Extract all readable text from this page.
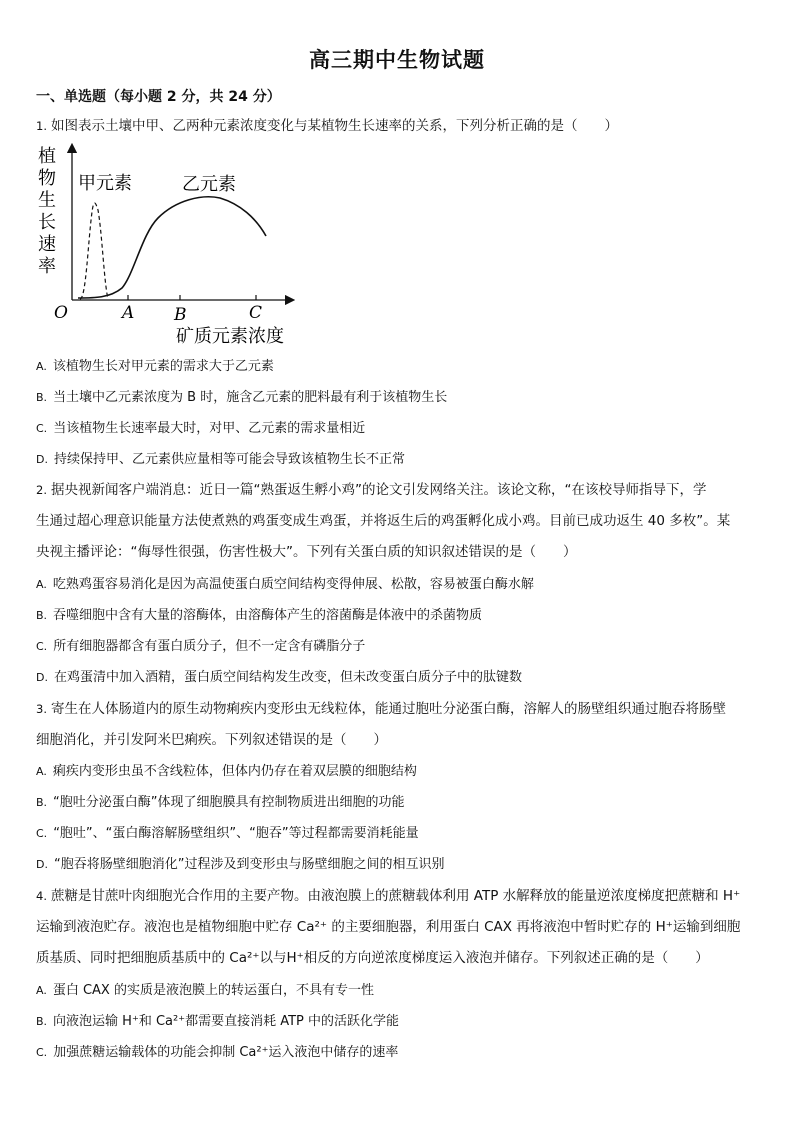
高三期中生物试题
一、单选题（每小题 2 分，共 24 分）
1. 如图表示土壤中甲、乙两种元素浓度变化与某植物生长速率的关系，下列分析正确的是（　　）
植
物
生
长
速
率
甲元素	乙元素
O	A B	C
矿质元素浓度
A. 该植物生长对甲元素的需求大于乙元素
B. 当土壤中乙元素浓度为 B 时，施含乙元素的肥料最有利于该植物生长
C. 当该植物生长速率最大时，对甲、乙元素的需求量相近
D. 持续保持甲、乙元素供应量相等可能会导致该植物生长不正常
2. 据央视新闻客户端消息：近日一篇“熟蛋返生孵小鸡”的论文引发网络关注。该论文称，“在该校导师指导下，学
生通过超心理意识能量方法使煮熟的鸡蛋变成生鸡蛋，并将返生后的鸡蛋孵化成小鸡。目前已成功返生 40 多枚”。某
央视主播评论：“侮辱性很强，伤害性极大”。下列有关蛋白质的知识叙述错误的是（　　）
A. 吃熟鸡蛋容易消化是因为高温使蛋白质空间结构变得伸展、松散，容易被蛋白酶水解
B. 吞噬细胞中含有大量的溶酶体，由溶酶体产生的溶菌酶是体液中的杀菌物质
C. 所有细胞器都含有蛋白质分子，但不一定含有磷脂分子
D. 在鸡蛋清中加入酒精，蛋白质空间结构发生改变，但未改变蛋白质分子中的肽键数
3. 寄生在人体肠道内的原生动物痢疾内变形虫无线粒体，能通过胞吐分泌蛋白酶，溶解人的肠壁组织通过胞吞将肠壁
细胞消化，并引发阿米巴痢疾。下列叙述错误的是（　　）
A. 痢疾内变形虫虽不含线粒体，但体内仍存在着双层膜的细胞结构
B. “胞吐分泌蛋白酶”体现了细胞膜具有控制物质进出细胞的功能
C. “胞吐”、“蛋白酶溶解肠壁组织”、“胞吞”等过程都需要消耗能量
D. “胞吞将肠壁细胞消化”过程涉及到变形虫与肠壁细胞之间的相互识别
4. 蔗糖是甘蔗叶肉细胞光合作用的主要产物。由液泡膜上的蔗糖载体利用 ATP 水解释放的能量逆浓度梯度把蔗糖和 H⁺
运输到液泡贮存。液泡也是植物细胞中贮存 Ca²⁺ 的主要细胞器，利用蛋白 CAX 再将液泡中暂时贮存的 H⁺运输到细胞
质基质、同时把细胞质基质中的 Ca²⁺以与H⁺相反的方向逆浓度梯度运入液泡并储存。下列叙述正确的是（　　）
A. 蛋白 CAX 的实质是液泡膜上的转运蛋白，不具有专一性
B. 向液泡运输 H⁺和 Ca²⁺都需要直接消耗 ATP 中的活跃化学能
C. 加强蔗糖运输载体的功能会抑制 Ca²⁺运入液泡中储存的速率
